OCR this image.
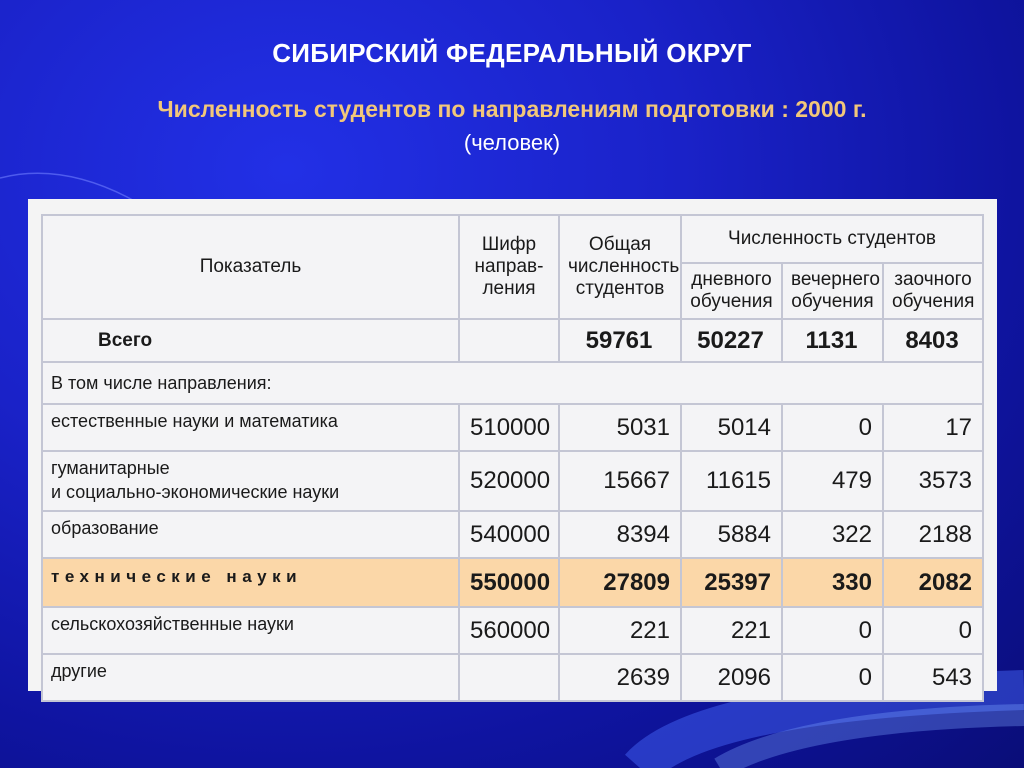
СИБИРСКИЙ ФЕДЕРАЛЬНЫЙ ОКРУГ
Численность студентов по направлениям подготовки : 2000 г.
(человек)
Показатель	Шифр направ-ления	Общая численность студентов	Численность студентов		
			дневного обучения	вечернего обучения	заочного обучения
Всего		59761	50227	1131	8403
В том числе направления:					
естественные науки и математика	510000	5031	5014	0	17
гуманитарные
и социально-экономические науки	520000	15667	11615	479	3573
образование	540000	8394	5884	322	2188
технические науки	550000	27809	25397	330	2082
сельскохозяйственные науки	560000	221	221	0	0
другие		2639	2096	0	543
